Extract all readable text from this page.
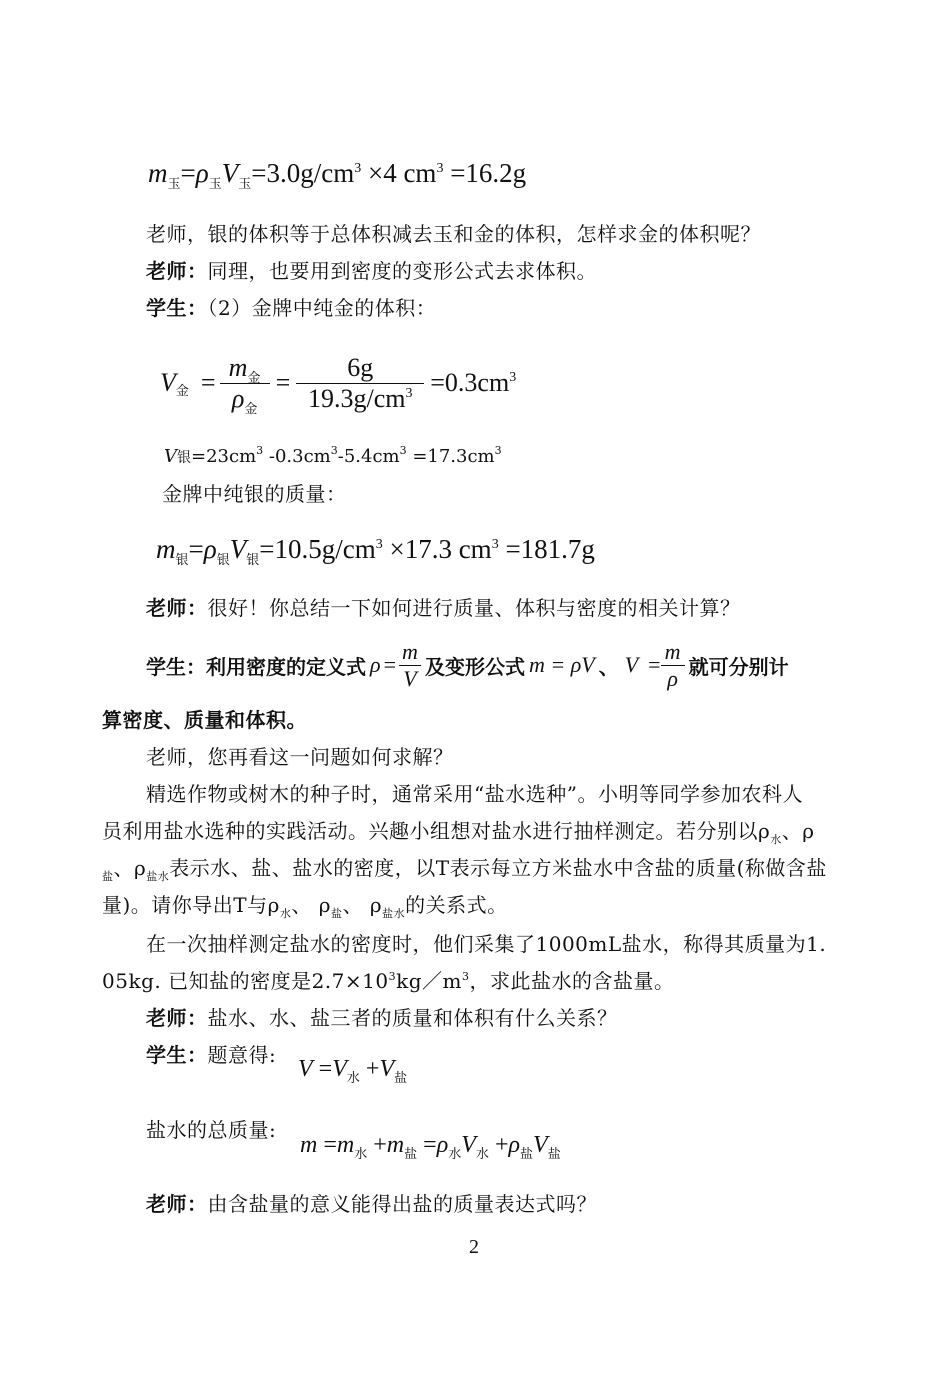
$m_玉=\rho_玉V_玉=3.0g/cm^3 \times 4$ $cm^3 =16.2g$
老师，银的体积等于总体积减去玉和金的体积，怎样求金的体积呢？
老师：同理，也要用到密度的变形公式去求体积。
学生：（2）金牌中纯金的体积：
V 金 = $\frac{m_金}{\rho_金} = \frac{6g}{19.3g/cm^3} =0.3cm^3$
V银$=23cm^3$ $-0.3cm^3-5.4cm^3 =17.3cm^3$
金牌中纯银的质量：
$m_银=\rho_银V_银=10.5g/cm^3 \times 17.3$ $cm^3 =181.7g$
老师：很好！你总结一下如何进行质量、体积与密度的相关计算？
学生： 利用密度的定义式 $\rho = \frac{m}{V}$ 及变形公式 m = ρV 、 $V = \frac{m}{\rho}$ 就可分别计
算密度、质量和体积。
老师，您再看这一问题如何求解？
精选作物或树木的种子时，通常采用“盐水选种”。小明等同学参加农科人
员利用盐水选种的实践活动。兴趣小组想对盐水进行抽样测定。若分别以$\rho_水$、ρ
$_盐$、$\rho_{盐水}$表示水、盐、盐水的密度，以T表示每立方米盐水中含盐的质量(称做含盐
量)。请你导出T与$\rho_水$、 $\rho_盐$、 $\rho_{盐水}$的关系式。
在一次抽样测定盐水的密度时，他们采集了1000mL盐水，称得其质量为1.
05kg. 已知盐的密度是$2.7\times 10^3kg/m^3$，求此盐水的含盐量。
老师：盐水、水、盐三者的质量和体积有什么关系？
学生：题意得:
$V =V_水 +V_盐$
盐水的总质量:
$m =m_水 +m_盐 =\rho_水V_水 +\rho_盐V_盐$
老师：由含盐量的意义能得出盐的质量表达式吗？
2
